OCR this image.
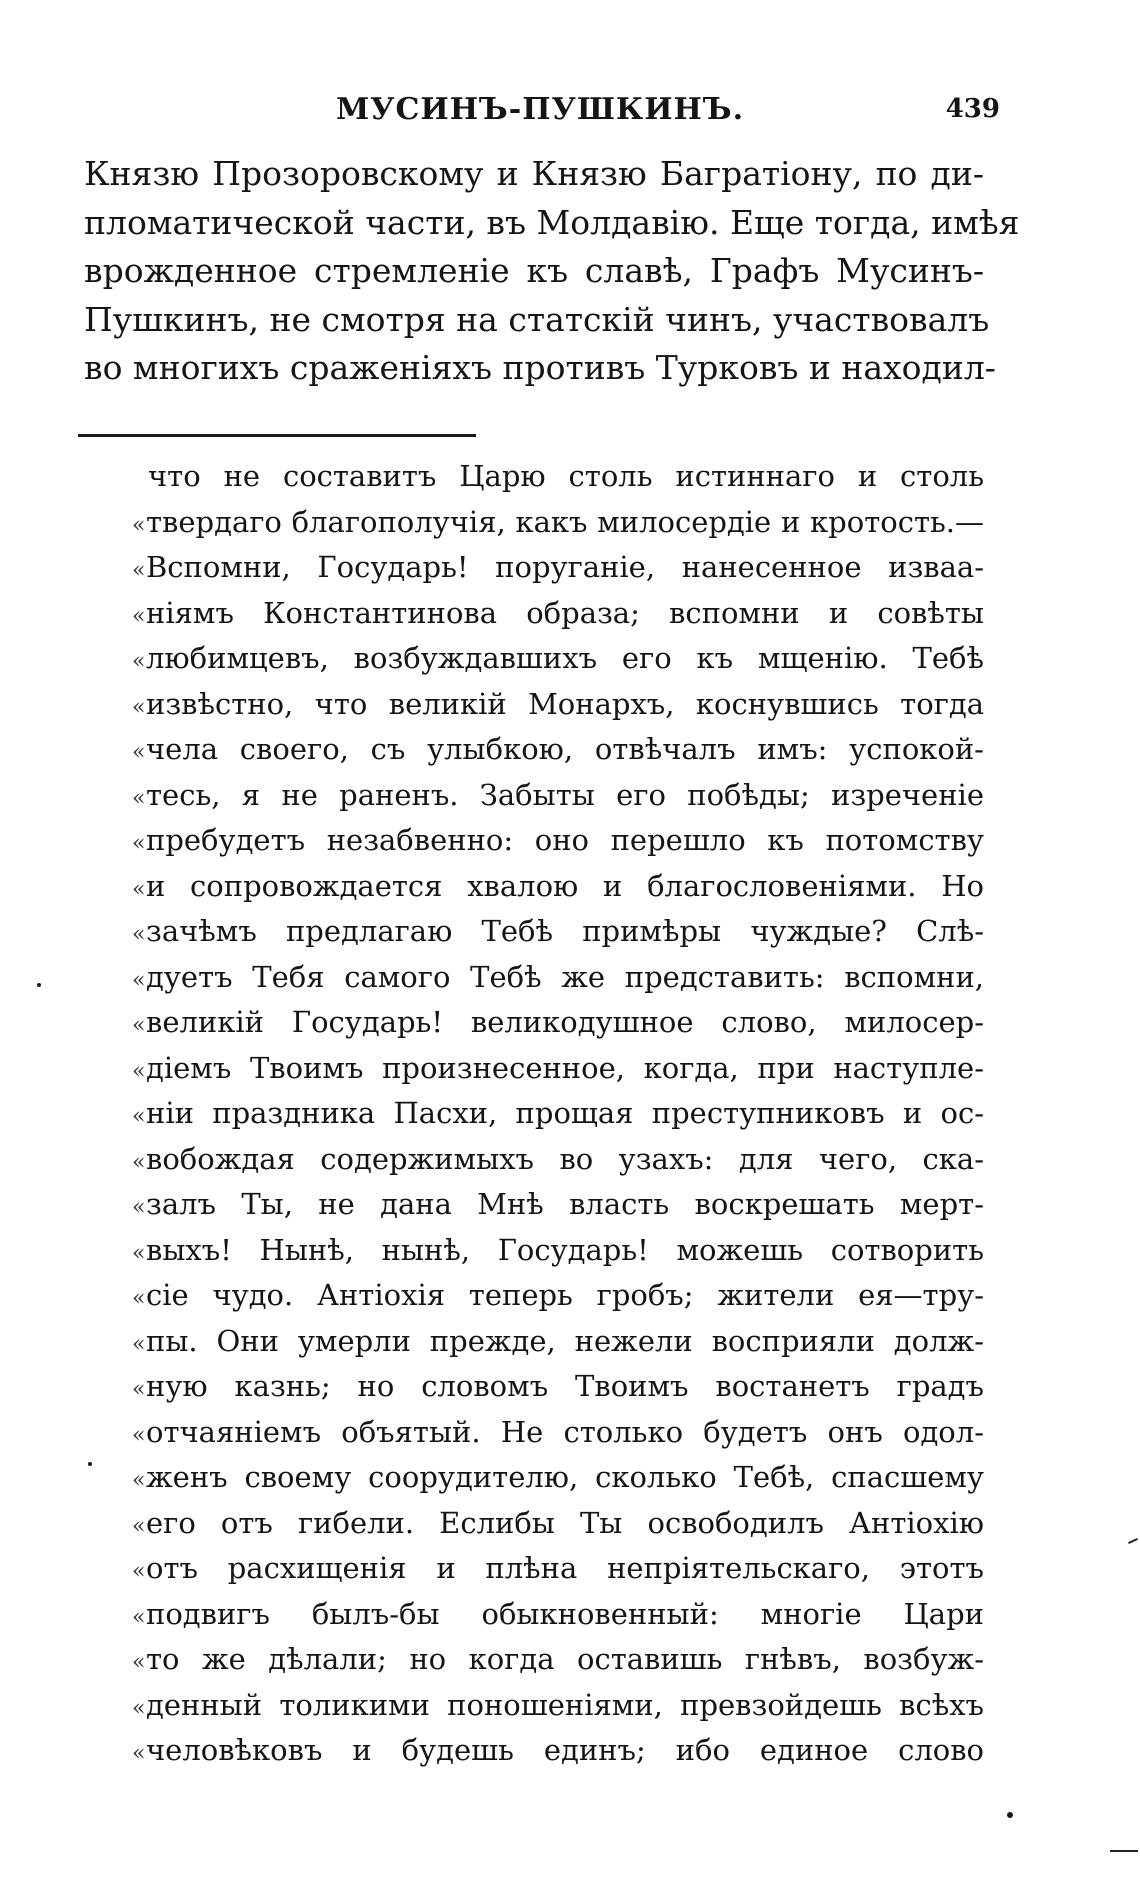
МУСИНЪ-ПУШКИНЪ.	439
Князю Прозоровскому и Князю Багратіону, по ди-
пломатической части, въ Молдавію. Еще тогда, имѣя
врожденное стремленіе къ славѣ, Графъ Мусинъ-
Пушкинъ, не смотря на статскій чинъ, участвовалъ
во многихъ сраженіяхъ противъ Турковъ и находил-
что не составитъ Царю столь истиннаго и столь
«твердаго благополучія, какъ милосердіе и кротость.—
«Вспомни, Государь! поруганіе, нанесенное изваа-
«ніямъ Константинова образа; вспомни и совѣты
«любимцевъ, возбуждавшихъ его къ мщенію. Тебѣ
«извѣстно, что великій Монархъ, коснувшись тогда
«чела своего, съ улыбкою, отвѣчалъ имъ: успокой-
«тесь, я не раненъ. Забыты его побѣды; изреченіе
«пребудетъ незабвенно: оно перешло къ потомству
«и сопровождается хвалою и благословеніями. Но
«зачѣмъ предлагаю Тебѣ примѣры чуждые? Слѣ-
«дуетъ Тебя самого Тебѣ же представить: вспомни,
«великій Государь! великодушное слово, милосер-
«діемъ Твоимъ произнесенное, когда, при наступле-
«ніи праздника Пасхи, прощая преступниковъ и ос-
«вобождая содержимыхъ во узахъ: для чего, ска-
«залъ Ты, не дана Мнѣ власть воскрешать мерт-
«выхъ! Нынѣ, нынѣ, Государь! можешь сотворить
«сіе чудо. Антіохія теперь гробъ; жители ея—тру-
«пы. Они умерли прежде, нежели восприяли долж-
«ную казнь; но словомъ Твоимъ востанетъ градъ
«отчаяніемъ объятый. Не столько будетъ онъ одол-
«женъ своему соорудителю, сколько Тебѣ, спасшему
«его отъ гибели. Еслибы Ты освободилъ Антіохію
«отъ расхищенія и плѣна непріятельскаго, этотъ
«подвигъ былъ-бы обыкновенный: многіе Цари
«то же дѣлали; но когда оставишь гнѣвъ, возбуж-
«денный толикими поношеніями, превзойдешь всѣхъ
«человѣковъ и будешь единъ; ибо единое слово
